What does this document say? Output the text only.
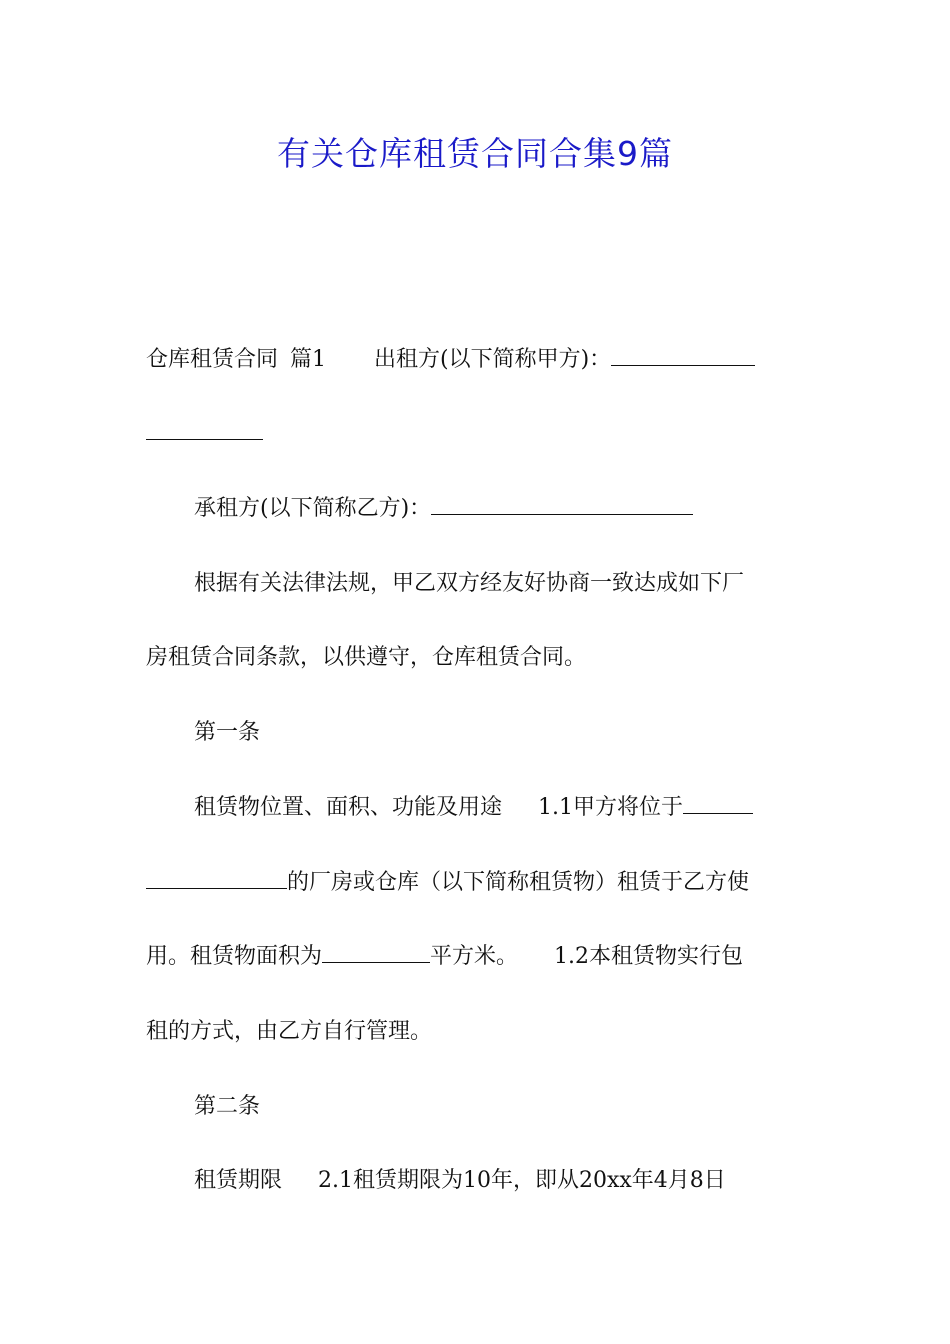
有关仓库租赁合同合集9篇
仓库租赁合同 篇1 出租方(以下简称甲方)：
承租方(以下简称乙方)：
根据有关法律法规，甲乙双方经友好协商一致达成如下厂
房租赁合同条款，以供遵守，仓库租赁合同。
第一条
租赁物位置、面积、功能及用途 1.1甲方将位于
的厂房或仓库（以下简称租赁物）租赁于乙方使
用。租赁物面积为	平方米。 1.2本租赁物实行包
租的方式，由乙方自行管理。
第二条
租赁期限 2.1租赁期限为10年，即从20xx年4月8日
